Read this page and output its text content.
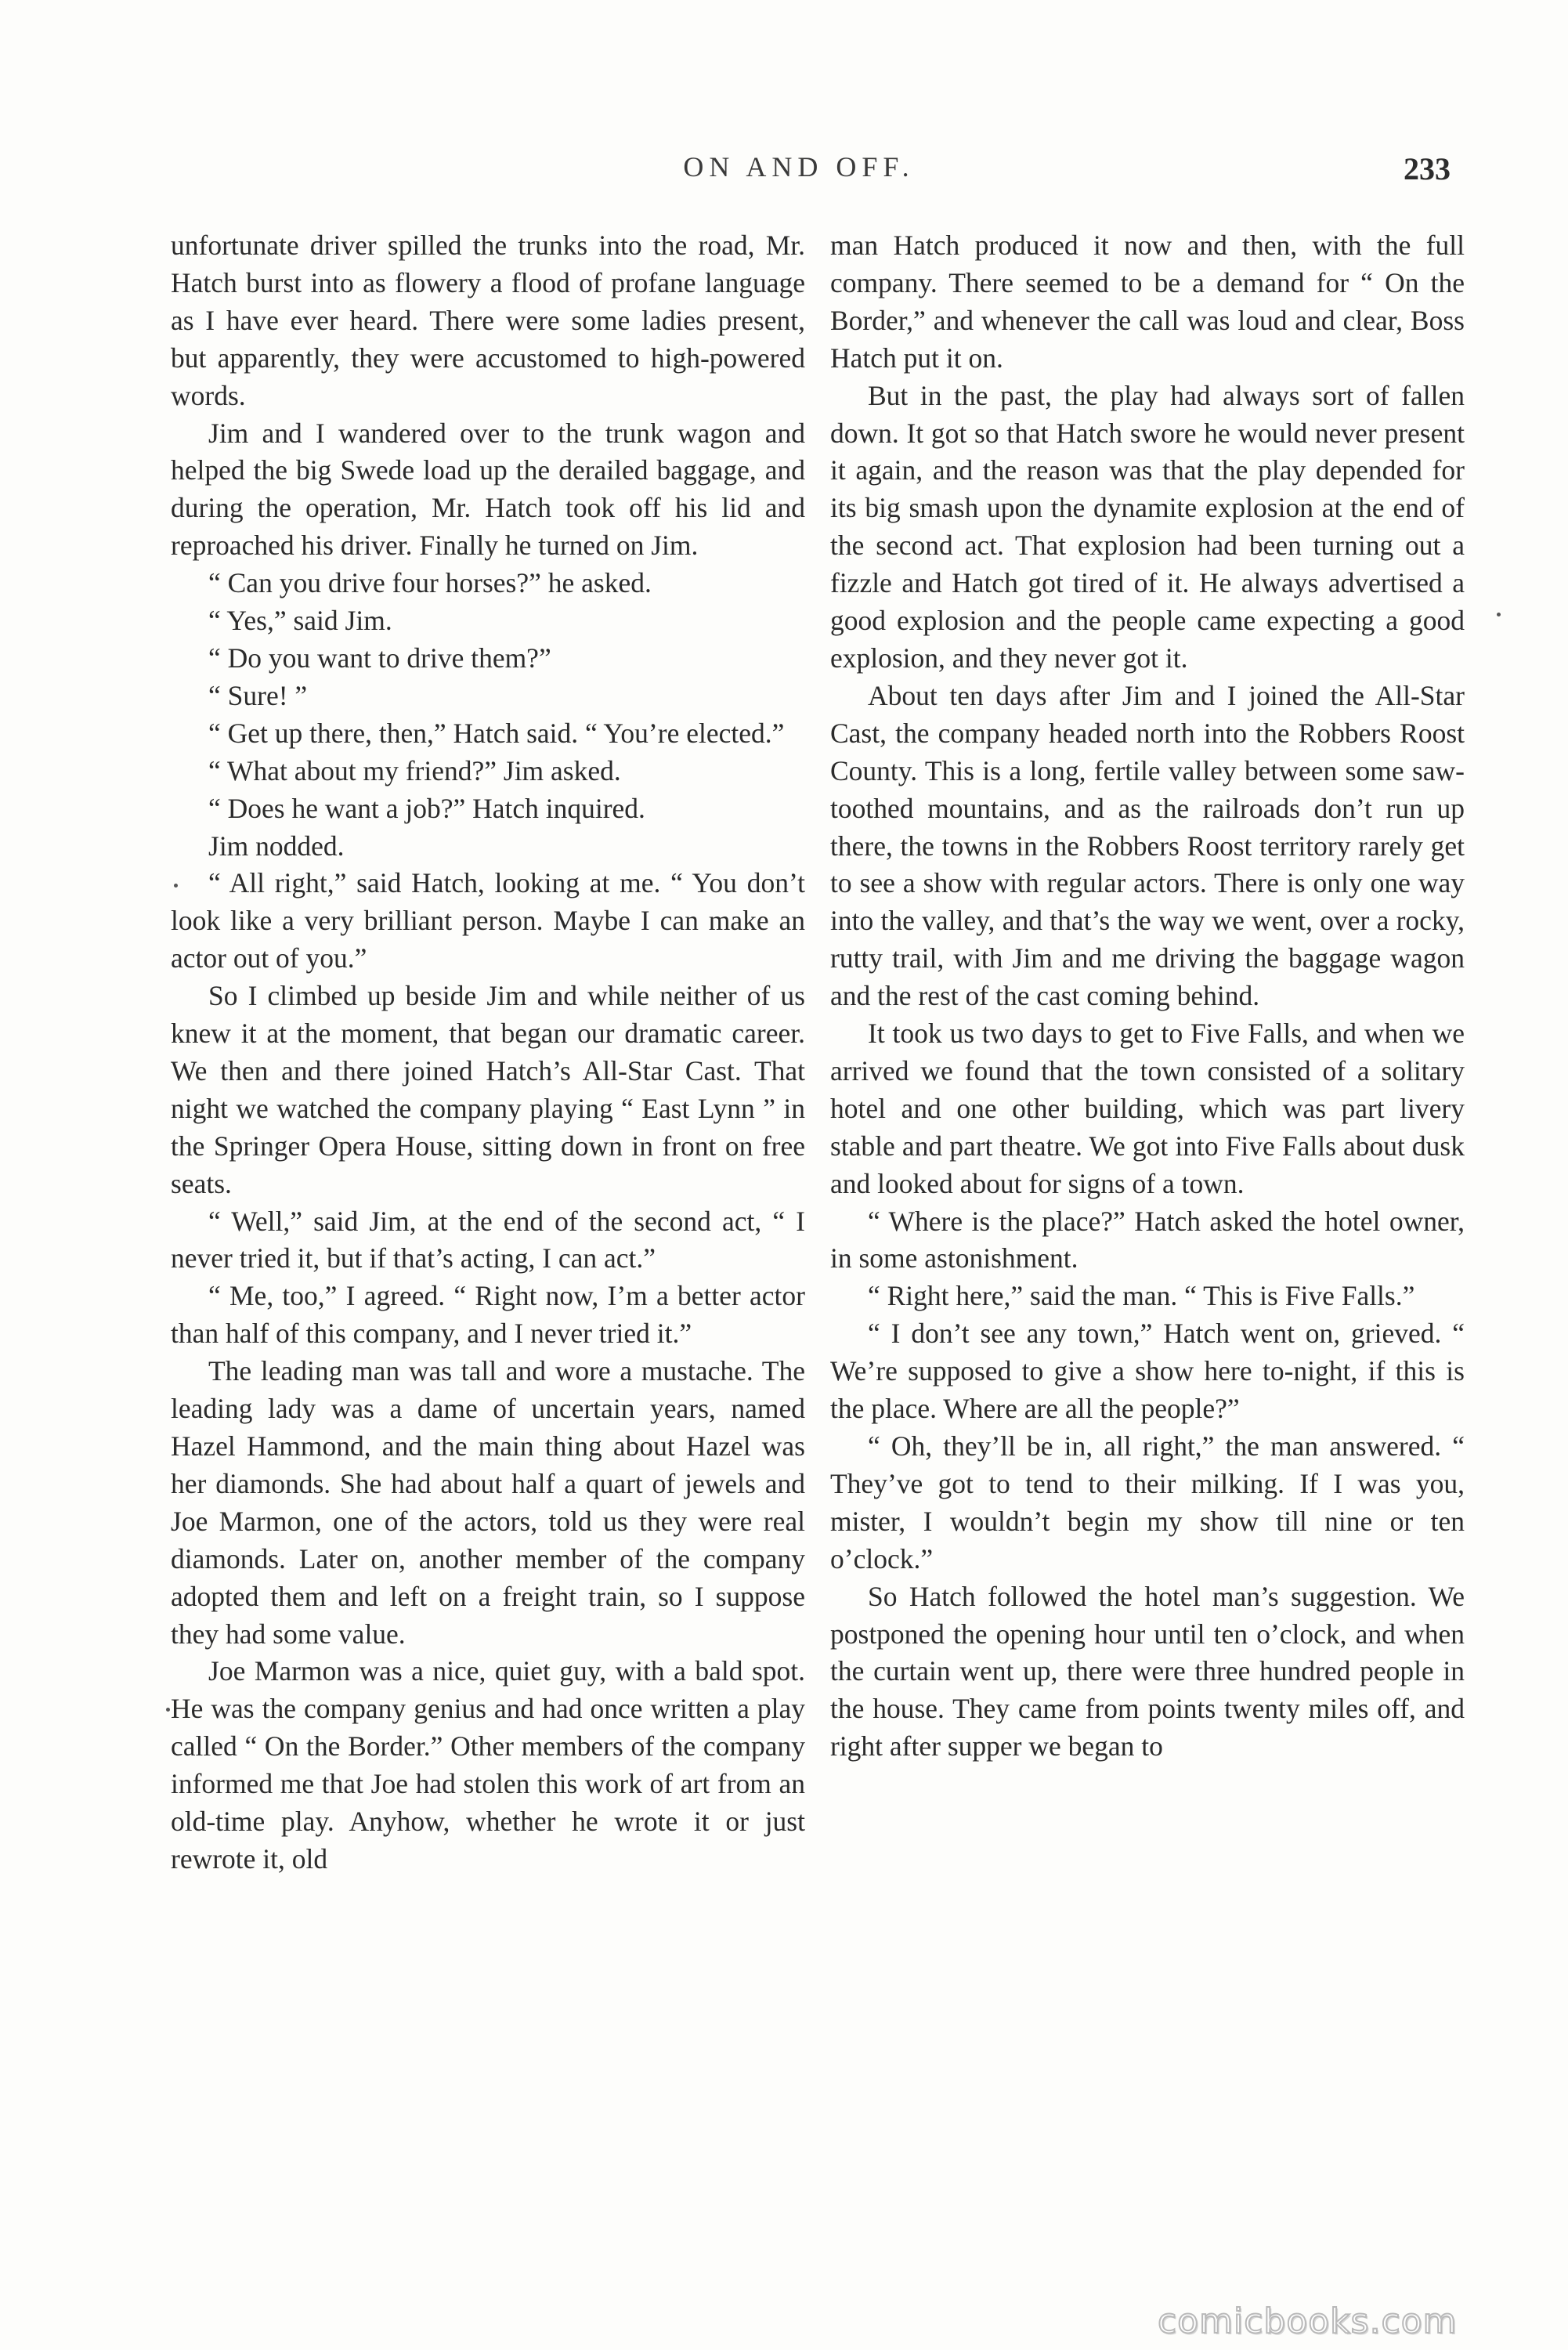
ON AND OFF.	233

unfortunate driver spilled the trunks into the road, Mr. Hatch burst into as flowery a flood of profane language as I have ever heard. There were some ladies present, but apparently, they were accustomed to high-powered words.

Jim and I wandered over to the trunk wagon and helped the big Swede load up the derailed baggage, and during the operation, Mr. Hatch took off his lid and reproached his driver. Finally he turned on Jim.

“ Can you drive four horses?” he asked.

“ Yes,” said Jim.

“ Do you want to drive them?”

“ Sure! ”

“ Get up there, then,” Hatch said. “ You’re elected.”

“ What about my friend?” Jim asked.

“ Does he want a job?” Hatch inquired.

Jim nodded.

“ All right,” said Hatch, looking at me. “ You don’t look like a very brilliant person. Maybe I can make an actor out of you.”

So I climbed up beside Jim and while neither of us knew it at the moment, that began our dramatic career. We then and there joined Hatch’s All-Star Cast. That night we watched the company playing “ East Lynn ” in the Springer Opera House, sitting down in front on free seats.

“ Well,” said Jim, at the end of the second act, “ I never tried it, but if that’s acting, I can act.”

“ Me, too,” I agreed. “ Right now, I’m a better actor than half of this company, and I never tried it.”

The leading man was tall and wore a mustache. The leading lady was a dame of uncertain years, named Hazel Hammond, and the main thing about Hazel was her diamonds. She had about half a quart of jewels and Joe Marmon, one of the actors, told us they were real diamonds. Later on, another member of the company adopted them and left on a freight train, so I suppose they had some value.

Joe Marmon was a nice, quiet guy, with a bald spot. He was the company genius and had once written a play called “ On the Border.” Other members of the company informed me that Joe had stolen this work of art from an old-time play. Anyhow, whether he wrote it or just rewrote it, old

man Hatch produced it now and then, with the full company. There seemed to be a demand for “ On the Border,” and whenever the call was loud and clear, Boss Hatch put it on.

But in the past, the play had always sort of fallen down. It got so that Hatch swore he would never present it again, and the reason was that the play depended for its big smash upon the dynamite explosion at the end of the second act. That explosion had been turning out a fizzle and Hatch got tired of it. He always advertised a good explosion and the people came expecting a good explosion, and they never got it.

About ten days after Jim and I joined the All-Star Cast, the company headed north into the Robbers Roost County. This is a long, fertile valley between some saw-toothed mountains, and as the railroads don’t run up there, the towns in the Robbers Roost territory rarely get to see a show with regular actors. There is only one way into the valley, and that’s the way we went, over a rocky, rutty trail, with Jim and me driving the baggage wagon and the rest of the cast coming behind.

It took us two days to get to Five Falls, and when we arrived we found that the town consisted of a solitary hotel and one other building, which was part livery stable and part theatre. We got into Five Falls about dusk and looked about for signs of a town.

“ Where is the place?” Hatch asked the hotel owner, in some astonishment.

“ Right here,” said the man. “ This is Five Falls.”

“ I don’t see any town,” Hatch went on, grieved. “ We’re supposed to give a show here to-night, if this is the place. Where are all the people?”

“ Oh, they’ll be in, all right,” the man answered. “ They’ve got to tend to their milking. If I was you, mister, I wouldn’t begin my show till nine or ten o’clock.”

So Hatch followed the hotel man’s suggestion. We postponed the opening hour until ten o’clock, and when the curtain went up, there were three hundred people in the house. They came from points twenty miles off, and right after supper we began to

comicbooks.com
